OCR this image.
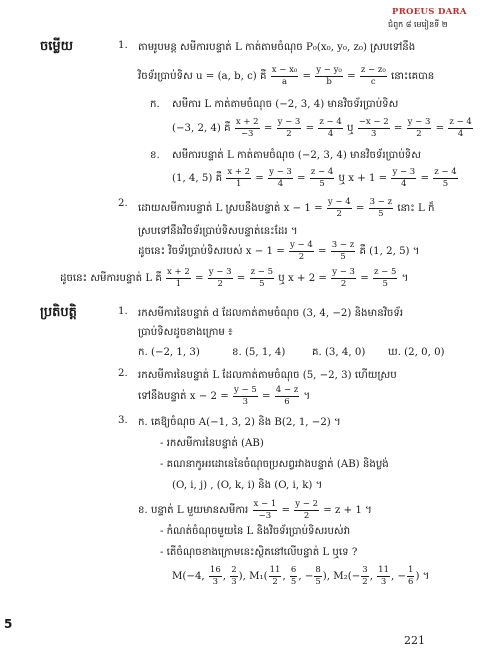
PROEUS DARA
ជំពូក ៨ មេរៀនទី ២
ចម្លើយ	1. តាមរូបមន្ត សមីការបន្ទាត់ L កាត់តាមចំណុច P₀(x₀, y₀, z₀) ស្របទៅនឹង
វិចទ័រប្រាប់ទិស u = (a, b, c) គឺ $\frac{\text{x − x₀}}{a} = \frac{\text{y − y₀}}{b} = \frac{\text{z − z₀}}{c}$ នោះគេបាន
ក. សមីការ L កាត់តាមចំណុច (−2, 3, 4) មានវិចទ័រប្រាប់ទិស
(−3, 2, 4) គឺ $\frac{x + 2}{-3} = \frac{y - 3}{2} = \frac{z - 4}{4}$ ឬ $\frac{-x - 2}{3} = \frac{y - 3}{2} = \frac{z - 4}{4}$
ខ. សមីការបន្ទាត់ L កាត់តាមចំណុច (−2, 3, 4) មានវិចទ័រប្រាប់ទិស
(1, 4, 5) គឺ $\frac{x + 2}{1} = \frac{y - 3}{4} = \frac{z - 4}{5}$ ឬ $x + 1 = \frac{y - 3}{4} = \frac{z - 4}{5}$
2. ដោយសមីការបន្ទាត់ L ស្របនឹងបន្ទាត់ $x - 1 = \frac{y - 4}{2} = \frac{3 - z}{5}$ នោះ L ក៏
ស្របទៅនឹងវិចទ័រប្រាប់ទិសបន្ទាត់នេះដែរ ។
ដូចនេះ វិចទ័រប្រាប់ទិសរបស់ $x - 1 = \frac{y - 4}{2} = \frac{3 - z}{5}$ គឺ (1, 2, 5) ។
ដូចនេះ សមីការបន្ទាត់ L គឺ $\frac{x + 2}{1} = \frac{y - 3}{2} = \frac{z - 5}{5}$ ឬ $x + 2 = \frac{y - 3}{2} = \frac{z - 5}{5}$ ។
ប្រតិបត្តិ	1. រកសមីការនៃបន្ទាត់ d ដែលកាត់តាមចំណុច (3, 4, −2) និងមានវិចទ័រ
ប្រាប់ទិសដូចខាងក្រោម ៖
ក. (−2, 1, 3)	ខ. (5, 1, 4)	គ. (3, 4, 0) ឃ. (2, 0, 0)
2. រកសមីការនៃបន្ទាត់ L ដែលកាត់តាមចំណុច (5, −2, 3) ហើយស្រប
ទៅនឹងបន្ទាត់ $x - 2 = \frac{y - 5}{3} = \frac{4 - z}{6}$ ។
3. ក. គេឱ្យចំណុច A(−1, 3, 2) និង B(2, 1, −2) ។
- រកសមីការនៃបន្ទាត់ (AB)
- គណនាកូអរដោនេនៃចំណុចប្រសព្វរវាងបន្ទាត់ (AB) និងប្លង់
(O, i, j) , (O, k, i) និង (O, i, k) ។
ខ. បន្ទាត់ L មួយមានសមីការ $\frac{x - 1}{-3} = \frac{y - 2}{2} = z + 1$ ។
- កំណត់ចំណុចមួយនៃ L និងវិចទ័រប្រាប់ទិសរបស់វា
- តើចំណុចខាងក្រោមនេះស្ថិតនៅលើបន្ទាត់ L ឬទេ ?
M(−4, $\frac{16}{3}$ , $\frac{2}{3}$ ), $M_1( \frac{11}{2}$ , $\frac{6}{5}$ , − $\frac{8}{5}$ ), $M_2(- \frac{3}{2}$ , $\frac{11}{3}$ , − $\frac{1}{6}$ ) ។
5
221
